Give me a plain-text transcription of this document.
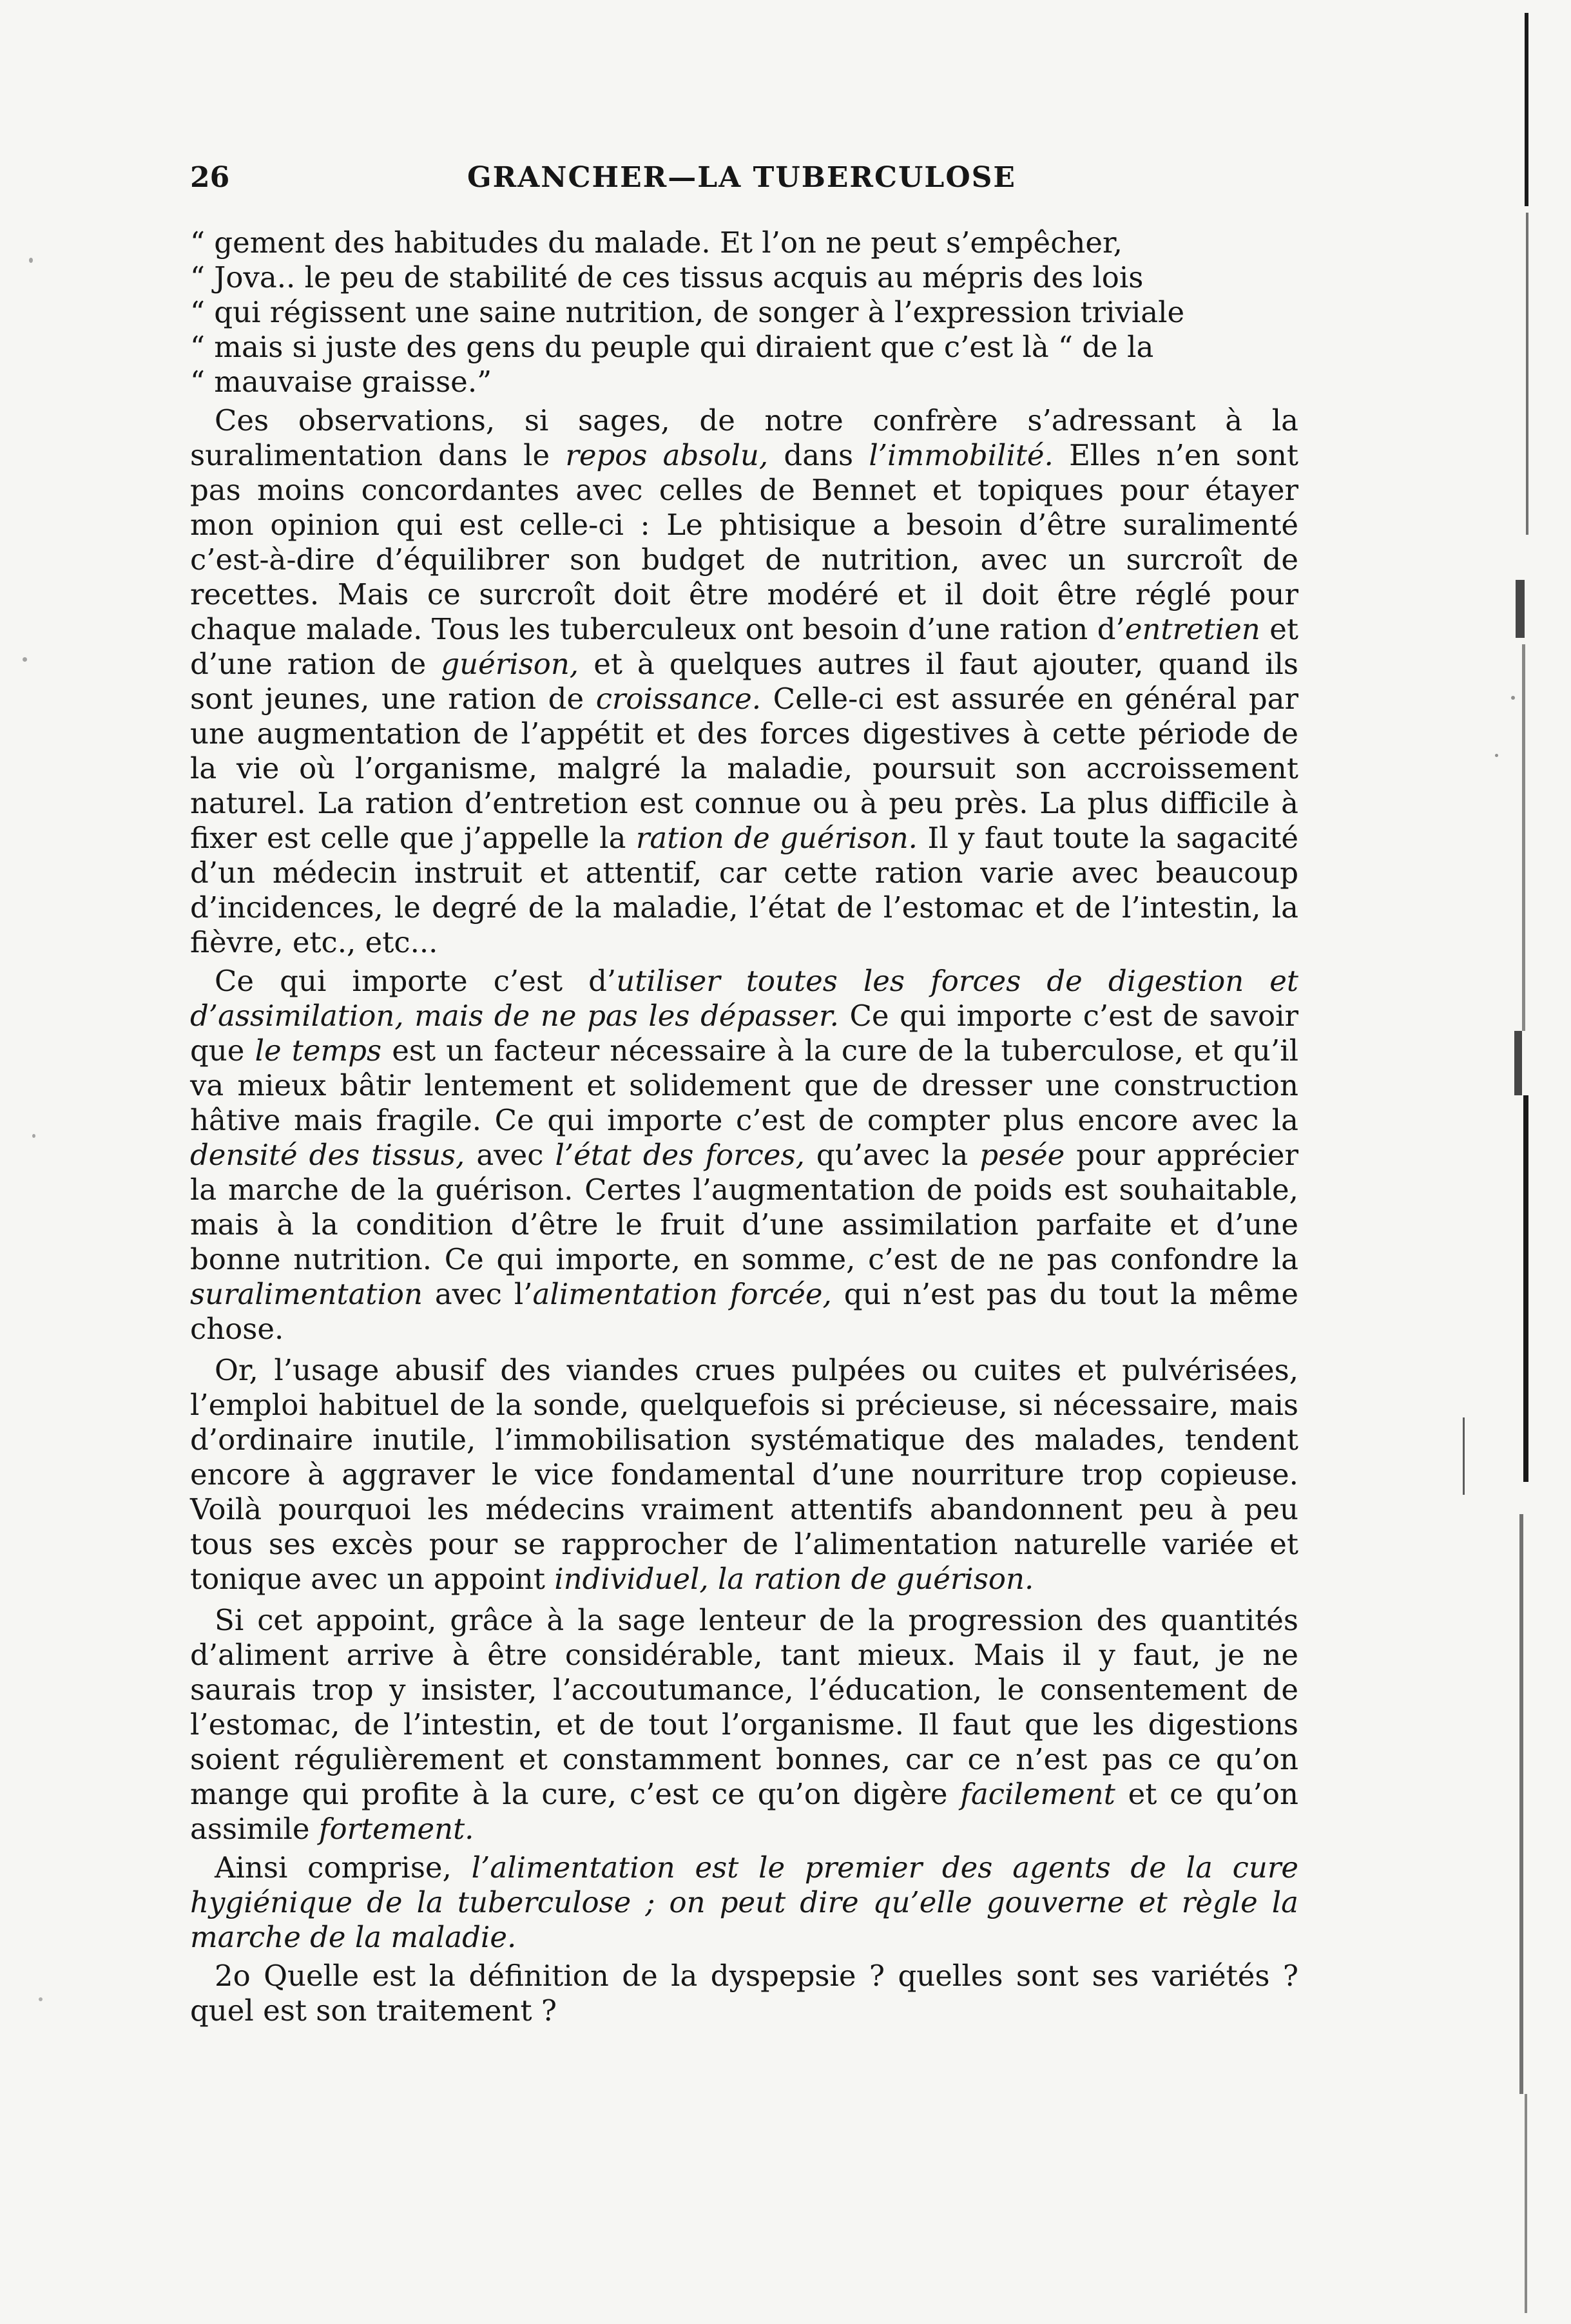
26	GRANCHER—LA TUBERCULOSE
“ gement des habitudes du malade. Et l’on ne peut s’empêcher,
“ Jova.. le peu de stabilité de ces tissus acquis au mépris des lois
“ qui régissent une saine nutrition, de songer à l’expression triviale
“ mais si juste des gens du peuple qui diraient que c’est là “ de la
“ mauvaise graisse.”

Ces observations, si sages, de notre confrère s’adressant à la suralimentation dans le repos absolu, dans l’immobilité. Elles n’en sont pas moins concordantes avec celles de Bennet et topiques pour étayer mon opinion qui est celle-ci : Le phtisique a besoin d’être suralimenté c’est-à-dire d’équilibrer son budget de nutrition, avec un surcroît de recettes. Mais ce surcroît doit être modéré et il doit être réglé pour chaque malade. Tous les tuberculeux ont besoin d’une ration d’entretien et d’une ration de guérison, et à quelques autres il faut ajouter, quand ils sont jeunes, une ration de croissance. Celle-ci est assurée en général par une augmentation de l’appétit et des forces digestives à cette période de la vie où l’organisme, malgré la maladie, poursuit son accroissement naturel. La ration d’entretion est connue ou à peu près. La plus difficile à fixer est celle que j’appelle la ration de guérison. Il y faut toute la sagacité d’un médecin instruit et attentif, car cette ration varie avec beaucoup d’incidences, le degré de la maladie, l’état de l’estomac et de l’intestin, la fièvre, etc., etc...

Ce qui importe c’est d’utiliser toutes les forces de digestion et d’assimilation, mais de ne pas les dépasser. Ce qui importe c’est de savoir que le temps est un facteur nécessaire à la cure de la tuberculose, et qu’il va mieux bâtir lentement et solidement que de dresser une construction hâtive mais fragile. Ce qui importe c’est de compter plus encore avec la densité des tissus, avec l’état des forces, qu’avec la pesée pour apprécier la marche de la guérison. Certes l’augmentation de poids est souhaitable, mais à la condition d’être le fruit d’une assimilation parfaite et d’une bonne nutrition. Ce qui importe, en somme, c’est de ne pas confondre la suralimentation avec l’alimentation forcée, qui n’est pas du tout la même chose.

Or, l’usage abusif des viandes crues pulpées ou cuites et pulvérisées, l’emploi habituel de la sonde, quelquefois si précieuse, si nécessaire, mais d’ordinaire inutile, l’immobilisation systématique des malades, tendent encore à aggraver le vice fondamental d’une nourriture trop copieuse. Voilà pourquoi les médecins vraiment attentifs abandonnent peu à peu tous ses excès pour se rapprocher de l’alimentation naturelle variée et tonique avec un appoint individuel, la ration de guérison.

Si cet appoint, grâce à la sage lenteur de la progression des quantités d’aliment arrive à être considérable, tant mieux. Mais il y faut, je ne saurais trop y insister, l’accoutumance, l’éducation, le consentement de l’estomac, de l’intestin, et de tout l’organisme. Il faut que les digestions soient régulièrement et constamment bonnes, car ce n’est pas ce qu’on mange qui profite à la cure, c’est ce qu’on digère facilement et ce qu’on assimile fortement.

Ainsi comprise, l’alimentation est le premier des agents de la cure hygiénique de la tuberculose ; on peut dire qu’elle gouverne et règle la marche de la maladie.

2o Quelle est la définition de la dyspepsie ? quelles sont ses variétés ? quel est son traitement ?
